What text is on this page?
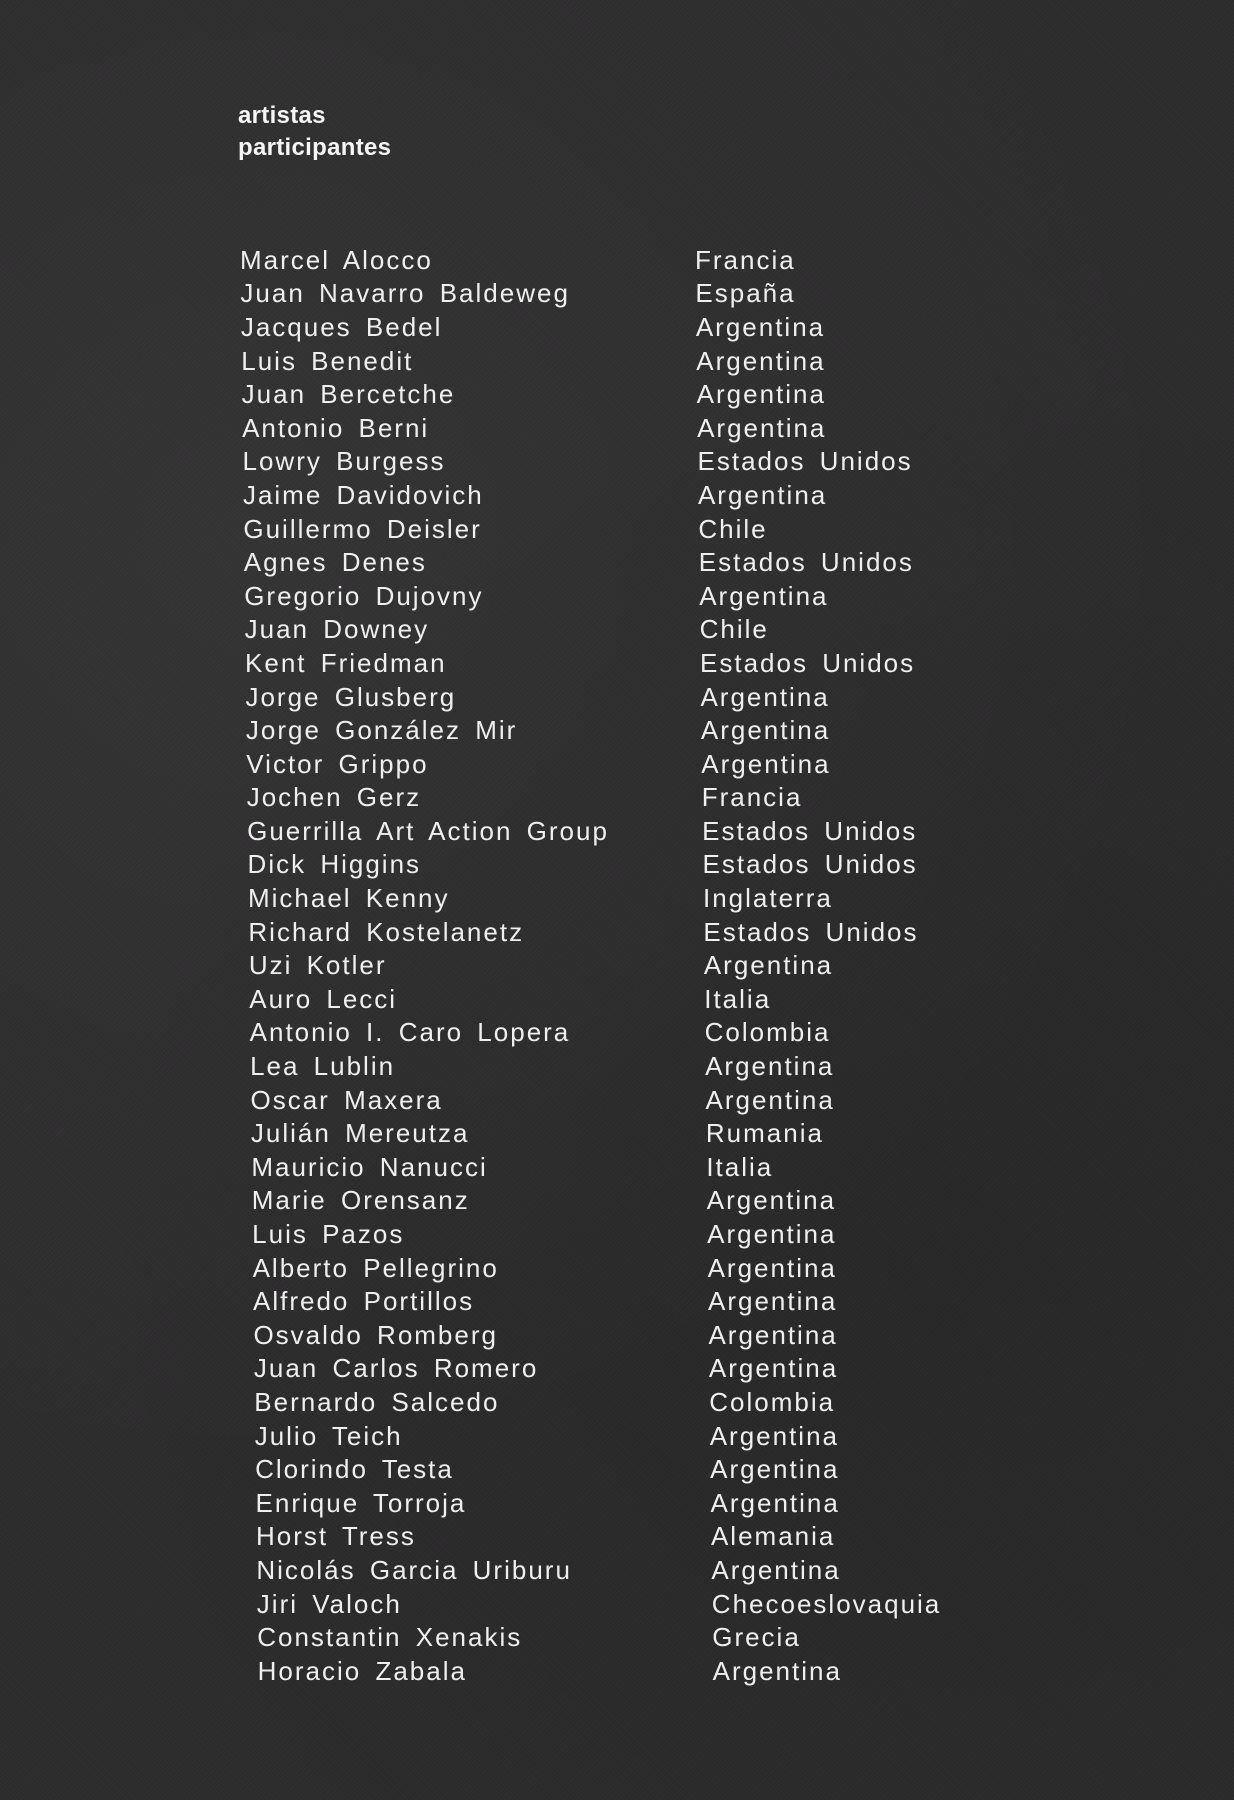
artistas
participantes
Marcel Alocco	Francia
Juan Navarro Baldeweg	España
Jacques Bedel	Argentina
Luis Benedit	Argentina
Juan Bercetche	Argentina
Antonio Berni	Argentina
Lowry Burgess	Estados Unidos
Jaime Davidovich	Argentina
Guillermo Deisler	Chile
Agnes Denes	Estados Unidos
Gregorio Dujovny	Argentina
Juan Downey	Chile
Kent Friedman	Estados Unidos
Jorge Glusberg	Argentina
Jorge González Mir	Argentina
Victor Grippo	Argentina
Jochen Gerz	Francia
Guerrilla Art Action Group	Estados Unidos
Dick Higgins	Estados Unidos
Michael Kenny	Inglaterra
Richard Kostelanetz	Estados Unidos
Uzi Kotler	Argentina
Auro Lecci	Italia
Antonio I. Caro Lopera	Colombia
Lea Lublin	Argentina
Oscar Maxera	Argentina
Julián Mereutza	Rumania
Mauricio Nanucci	Italia
Marie Orensanz	Argentina
Luis Pazos	Argentina
Alberto Pellegrino	Argentina
Alfredo Portillos	Argentina
Osvaldo Romberg	Argentina
Juan Carlos Romero	Argentina
Bernardo Salcedo	Colombia
Julio Teich	Argentina
Clorindo Testa	Argentina
Enrique Torroja	Argentina
Horst Tress	Alemania
Nicolás Garcia Uriburu	Argentina
Jiri Valoch	Checoeslovaquia
Constantin Xenakis	Grecia
Horacio Zabala	Argentina
